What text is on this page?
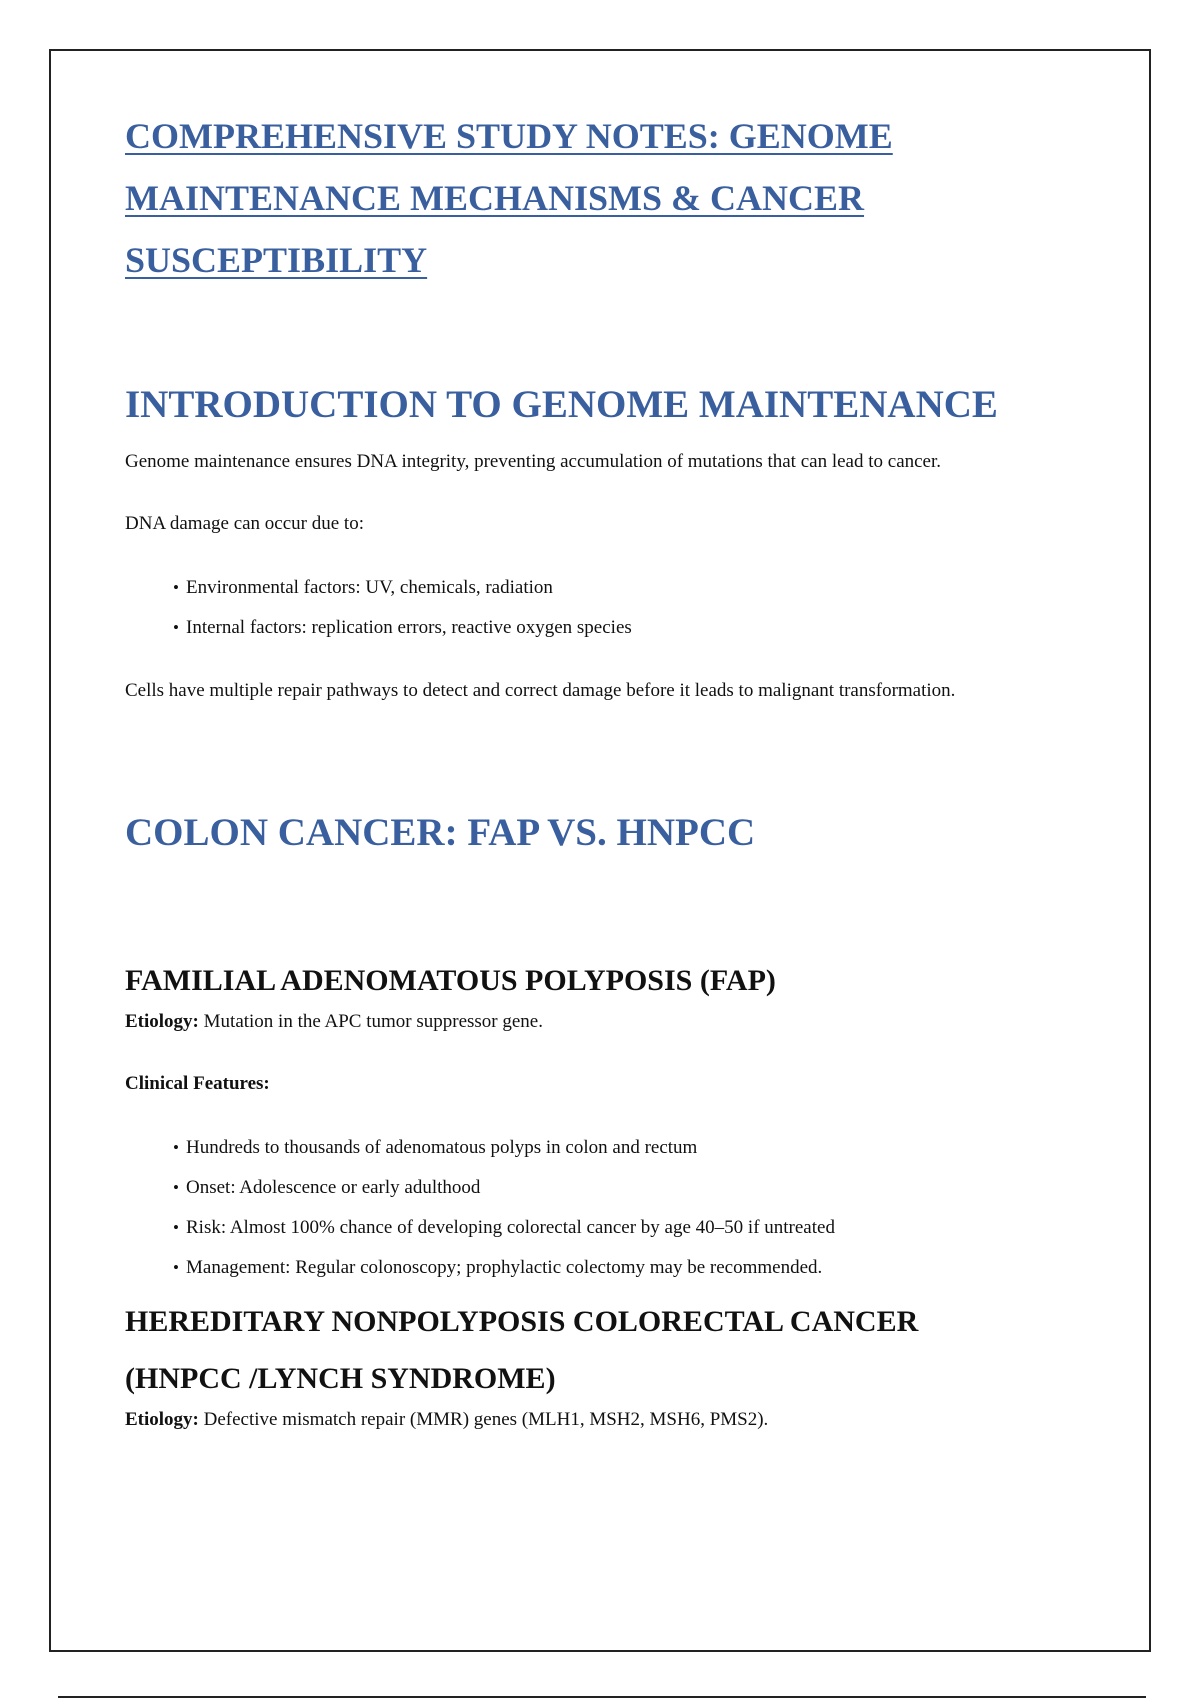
COMPREHENSIVE STUDY NOTES: GENOME MAINTENANCE MECHANISMS & CANCER SUSCEPTIBILITY
INTRODUCTION TO GENOME MAINTENANCE

Genome maintenance ensures DNA integrity, preventing accumulation of mutations that can lead to cancer.

DNA damage can occur due to:

• Environmental factors: UV, chemicals, radiation
• Internal factors: replication errors, reactive oxygen species

Cells have multiple repair pathways to detect and correct damage before it leads to malignant transformation.

COLON CANCER: FAP VS. HNPCC
FAMILIAL ADENOMATOUS POLYPOSIS (FAP)

Etiology: Mutation in the APC tumor suppressor gene.

Clinical Features:

• Hundreds to thousands of adenomatous polyps in colon and rectum
• Onset: Adolescence or early adulthood
• Risk: Almost 100% chance of developing colorectal cancer by age 40–50 if untreated
• Management: Regular colonoscopy; prophylactic colectomy may be recommended.
HEREDITARY NONPOLYPOSIS COLORECTAL CANCER (HNPCC /LYNCH SYNDROME)

Etiology: Defective mismatch repair (MMR) genes (MLH1, MSH2, MSH6, PMS2).
